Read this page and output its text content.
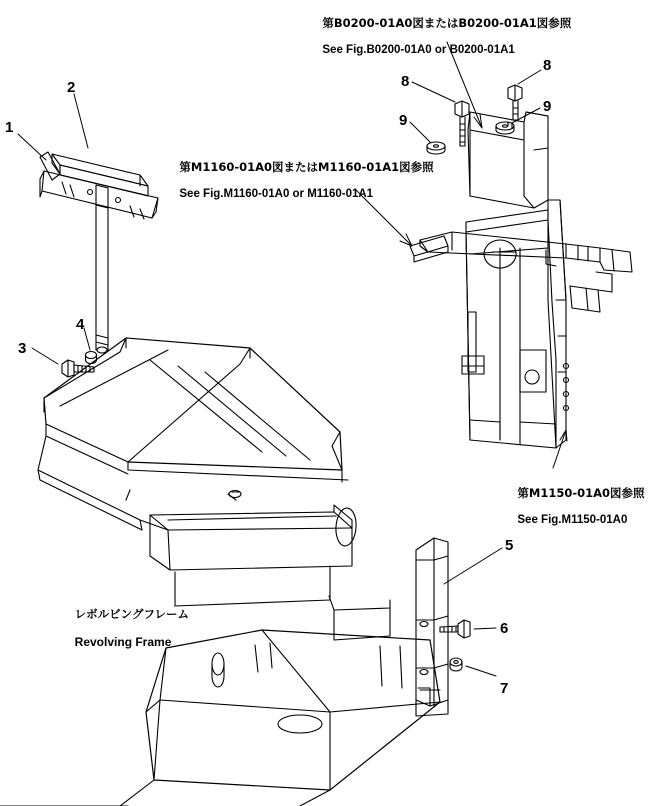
1
2
3
4
5
6
7
8
8
9
9

第B0200-01A0図またはB0200-01A1図参照

See Fig.B0200-01A0 or B0200-01A1

第M1160-01A0図またはM1160-01A1図参照

See Fig.M1160-01A0 or M1160-01A1

第M1150-01A0図参照

See Fig.M1150-01A0

レボルビングフレーム

Revolving Frame
